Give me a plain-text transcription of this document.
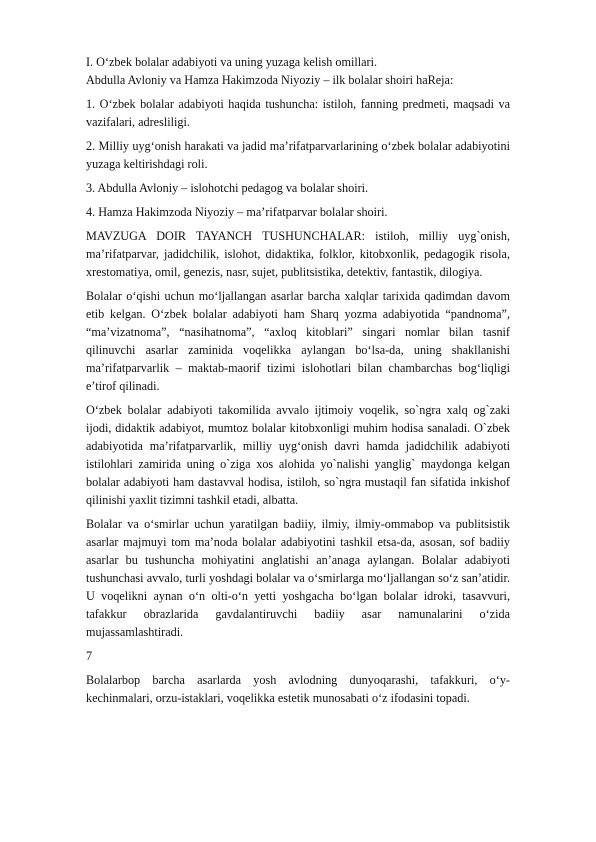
I. O‘zbek bolalar adabiyoti va uning yuzaga kelish omillari.

Abdulla Avloniy va Hamza Hakimzoda Niyoziy – ilk bolalar shoiri haReja:

1. O‘zbek bolalar adabiyoti haqida tushuncha: istiloh, fanning predmeti, maqsadi va vazifalari, adresliligi.

2. Milliy uyg‘onish harakati va jadid ma’rifatparvarlarining o‘zbek bolalar adabiyotini yuzaga keltirishdagi roli.

3. Abdulla Avloniy – islohotchi pedagog va bolalar shoiri.

4. Hamza Hakimzoda Niyoziy – ma’rifatparvar bolalar shoiri.

MAVZUGA DOIR TAYANCH TUSHUNCHALAR: istiloh, milliy uyg`onish, ma’rifatparvar, jadidchilik, islohot, didaktika, folklor, kitobxonlik, pedagogik risola, xrestomatiya, omil, genezis, nasr, sujet, publitsistika, detektiv, fantastik, dilogiya.

Bolalar o‘qishi uchun mo‘ljallangan asarlar barcha xalqlar tarixida qadimdan davom etib kelgan. O‘zbek bolalar adabiyoti ham Sharq yozma adabiyotida “pandnoma”, “ma’vizatnoma”, “nasihatnoma”, “axloq kitoblari” singari nomlar bilan tasnif qilinuvchi asarlar zaminida voqelikka aylangan bo‘lsa-da, uning shakllanishi ma’rifatparvarlik – maktab-maorif tizimi islohotlari bilan chambarchas bog‘liqligi e’tirof qilinadi.

O‘zbek bolalar adabiyoti takomilida avvalo ijtimoiy voqelik, so`ngra xalq og`zaki ijodi, didaktik adabiyot, mumtoz bolalar kitobxonligi muhim hodisa sanaladi. O`zbek adabiyotida ma’rifatparvarlik, milliy uyg‘onish davri hamda jadidchilik adabiyoti istilohlari zamirida uning o`ziga xos alohida yo`nalishi yanglig` maydonga kelgan bolalar adabiyoti ham dastavval hodisa, istiloh, so`ngra mustaqil fan sifatida inkishof qilinishi yaxlit tizimni tashkil etadi, albatta.

Bolalar va o‘smirlar uchun yaratilgan badiiy, ilmiy, ilmiy-ommabop va publitsistik asarlar majmuyi tom ma’noda bolalar adabiyotini tashkil etsa-da, asosan, sof badiiy asarlar bu tushuncha mohiyatini anglatishi an’anaga aylangan. Bolalar adabiyoti tushunchasi avvalo, turli yoshdagi bolalar va o‘smirlarga mo‘ljallangan so‘z san’atidir. U voqelikni aynan o‘n olti-o‘n yetti yoshgacha bo‘lgan bolalar idroki, tasavvuri, tafakkur obrazlarida gavdalantiruvchi badiiy asar namunalarini o‘zida mujassamlashtiradi.

7

Bolalarbop barcha asarlarda yosh avlodning dunyoqarashi, tafakkuri, o‘y-kechinmalari, orzu-istaklari, voqelikka estetik munosabati o‘z ifodasini topadi.
